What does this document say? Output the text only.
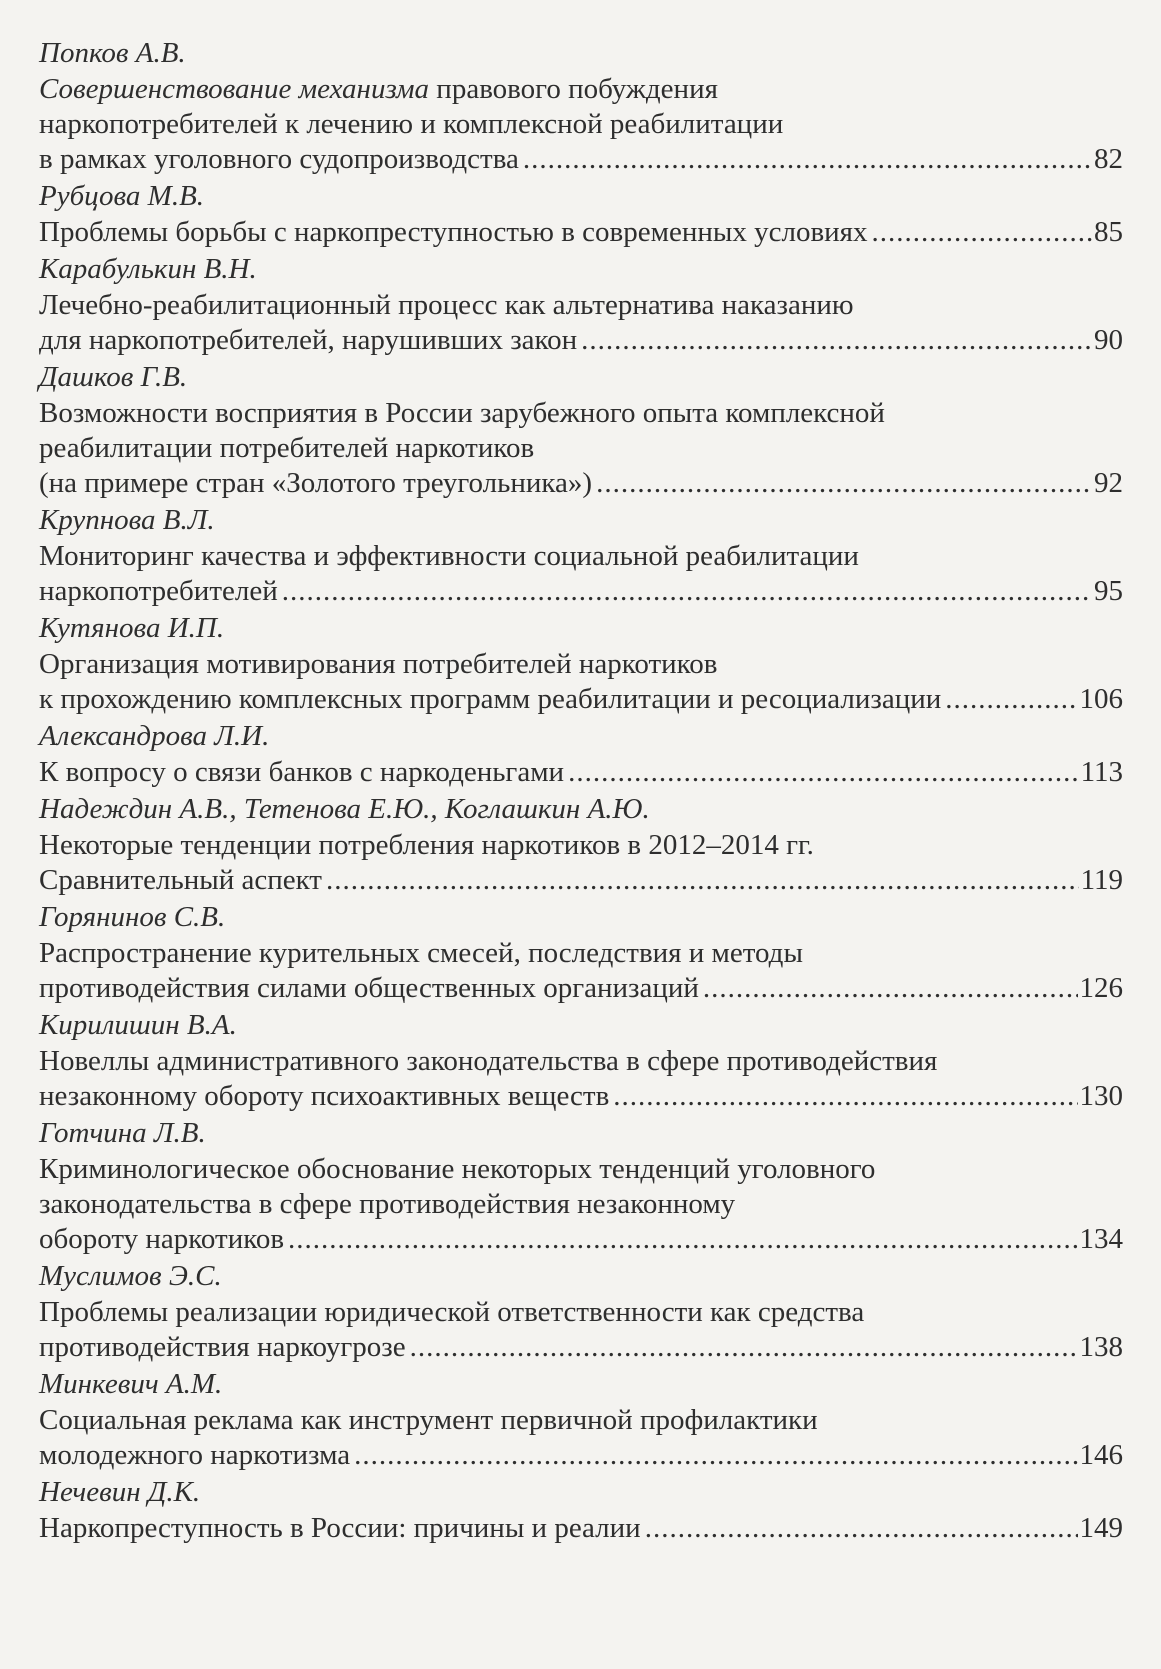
Попков А.В.
Совершенствование механизма правового побуждения
наркопотребителей к лечению и комплексной реабилитации
в рамках уголовного судопроизводства .....	82
Рубцова М.В.
Проблемы борьбы с наркопреступностью в современных условиях .....	85
Карабулькин В.Н.
Лечебно-реабилитационный процесс как альтернатива наказанию
для наркопотребителей, нарушивших закон .....	90
Дашков Г.В.
Возможности восприятия в России зарубежного опыта комплексной
реабилитации потребителей наркотиков
(на примере стран «Золотого треугольника») .....	92
Крупнова В.Л.
Мониторинг качества и эффективности социальной реабилитации
наркопотребителей .....	95
Кутянова И.П.
Организация мотивирования потребителей наркотиков
к прохождению комплексных программ реабилитации и ресоциализации .....	106
Александрова Л.И.
К вопросу о связи банков с наркоденьгами .....	113
Надеждин А.В., Тетенова Е.Ю., Коглашкин А.Ю.
Некоторые тенденции потребления наркотиков в 2012–2014 гг.
Сравнительный аспект .....	119
Горянинов С.В.
Распространение курительных смесей, последствия и методы
противодействия силами общественных организаций .....	126
Кирилишин В.А.
Новеллы административного законодательства в сфере противодействия
незаконному обороту психоактивных веществ .....	130
Готчина Л.В.
Криминологическое обоснование некоторых тенденций уголовного
законодательства в сфере противодействия незаконному
обороту наркотиков .....	134
Муслимов Э.С.
Проблемы реализации юридической ответственности как средства
противодействия наркоугрозе .....	138
Минкевич А.М.
Социальная реклама как инструмент первичной профилактики
молодежного наркотизма .....	146
Нечевин Д.К.
Наркопреступность в России: причины и реалии .....	149
